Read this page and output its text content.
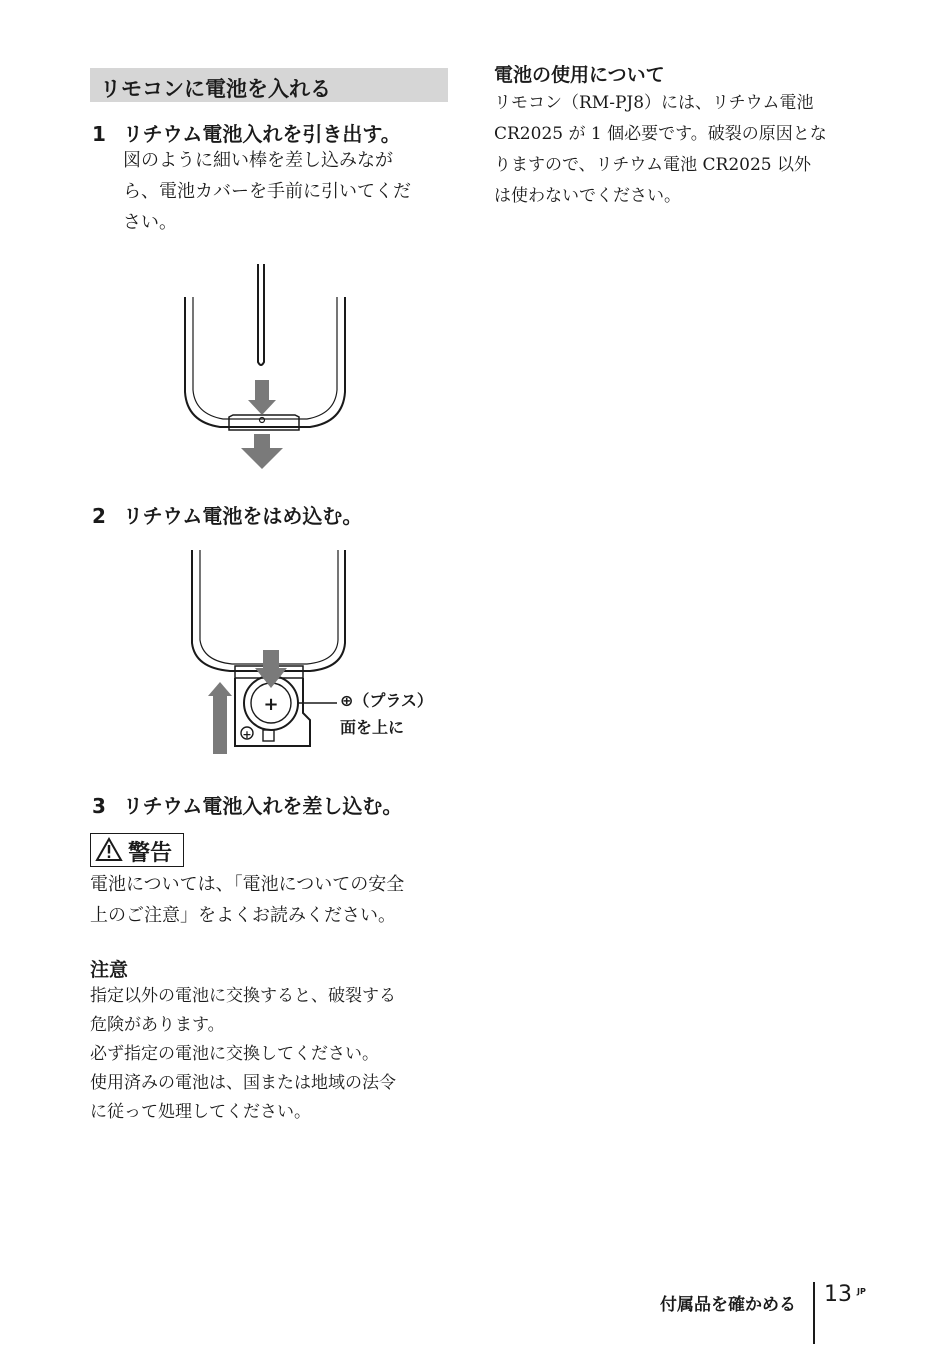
リモコンに電池を入れる
1 リチウム電池入れを引き出す。
図のように細い棒を差し込みなが
ら、電池カバーを手前に引いてくだ
さい。
2 リチウム電池をはめ込む。
+
+
⊕（プラス）
面を上に
3 リチウム電池入れを差し込む。
警告
電池については、「電池についての安全
上のご注意」をよくお読みください。
注意
指定以外の電池に交換すると、破裂する
危険があります。
必ず指定の電池に交換してください。
使用済みの電池は、国または地域の法令
に従って処理してください。
電池の使用について
リモコン（RM-PJ8）には、リチウム電池
CR2025 が 1 個必要です。破裂の原因とな
りますので、リチウム電池 CR2025 以外
は使わないでください。
付属品を確かめる 13 JP
